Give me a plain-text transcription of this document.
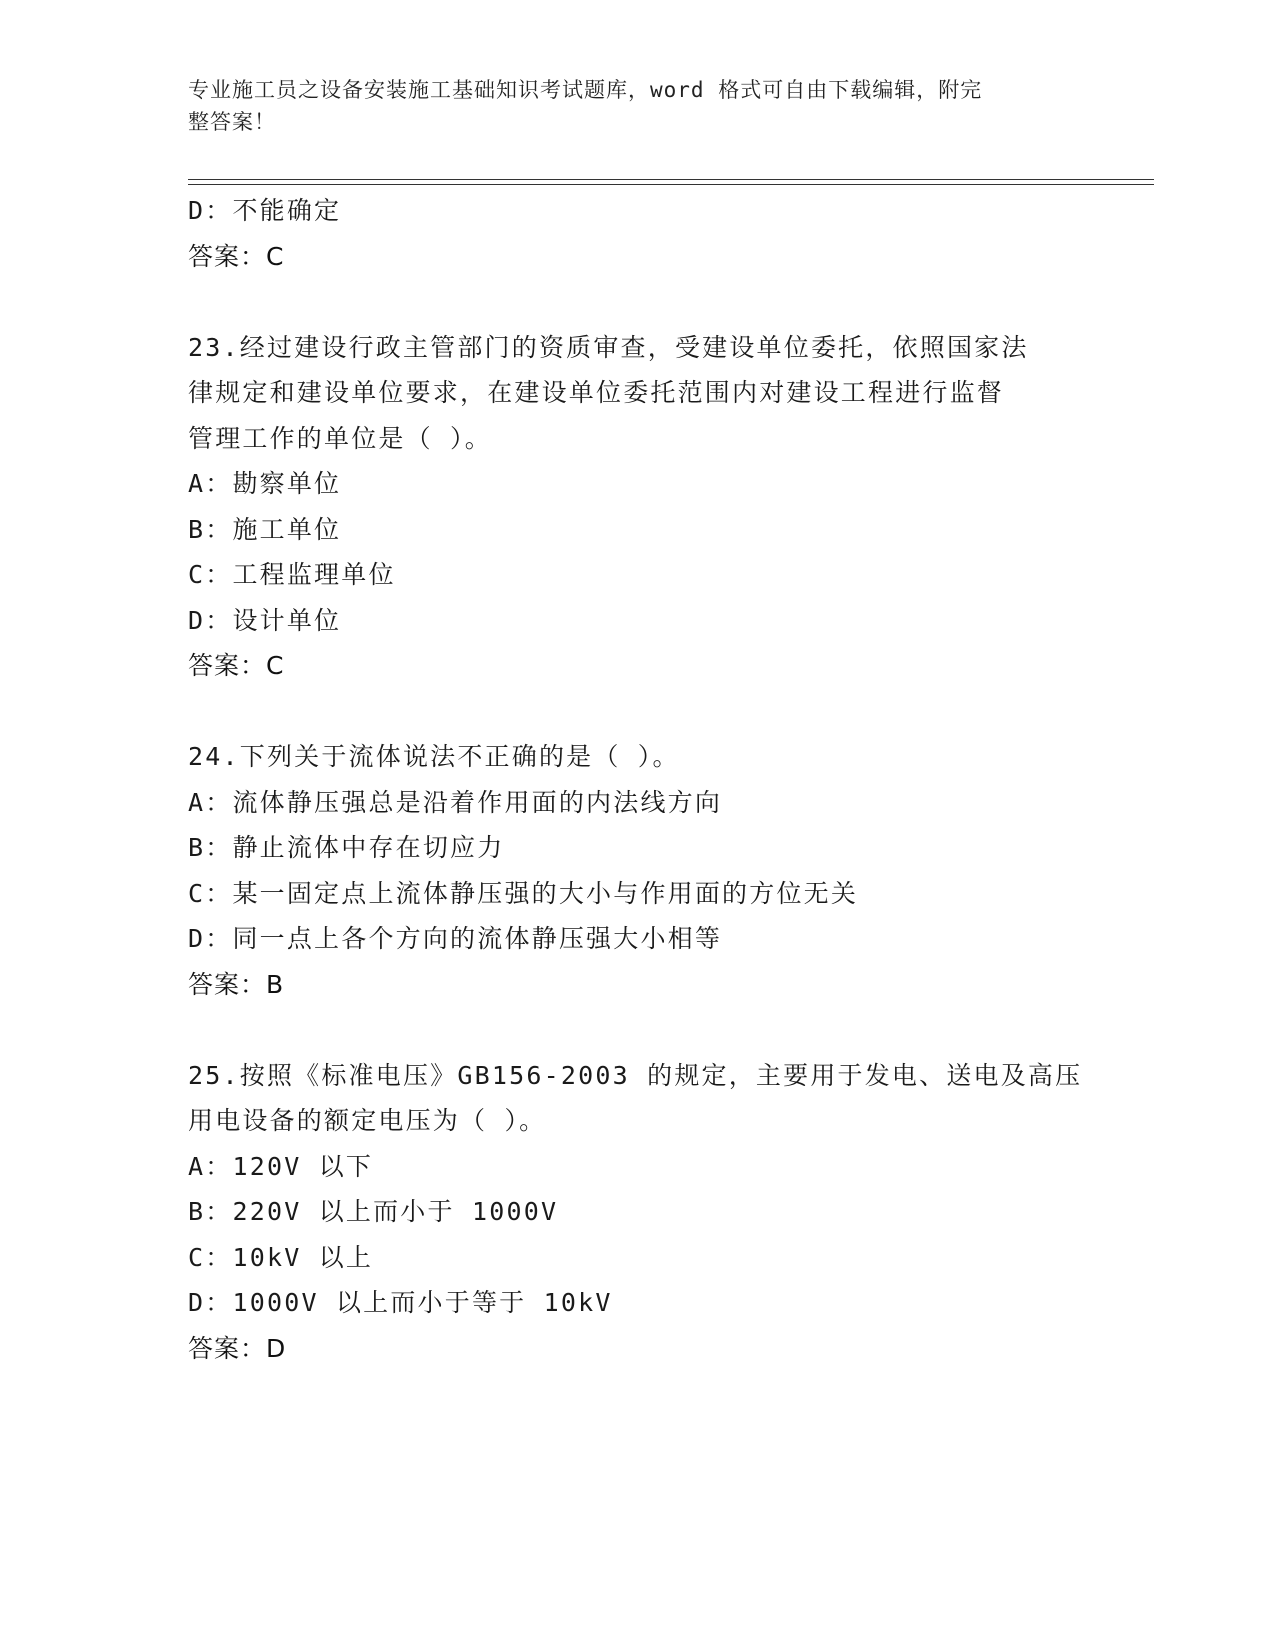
专业施工员之设备安装施工基础知识考试题库，word 格式可自由下载编辑，附完
整答案！
D：不能确定
答案：C
23.经过建设行政主管部门的资质审查，受建设单位委托，依照国家法
律规定和建设单位要求，在建设单位委托范围内对建设工程进行监督
管理工作的单位是（ ）。
A：勘察单位
B：施工单位
C：工程监理单位
D：设计单位
答案：C
24.下列关于流体说法不正确的是（ ）。
A：流体静压强总是沿着作用面的内法线方向
B：静止流体中存在切应力
C：某一固定点上流体静压强的大小与作用面的方位无关
D：同一点上各个方向的流体静压强大小相等
答案：B
25.按照《标准电压》GB156-2003 的规定，主要用于发电、送电及高压
用电设备的额定电压为（ ）。
A：120V 以下
B：220V 以上而小于 1000V
C：10kV 以上
D：1000V 以上而小于等于 10kV
答案：D
